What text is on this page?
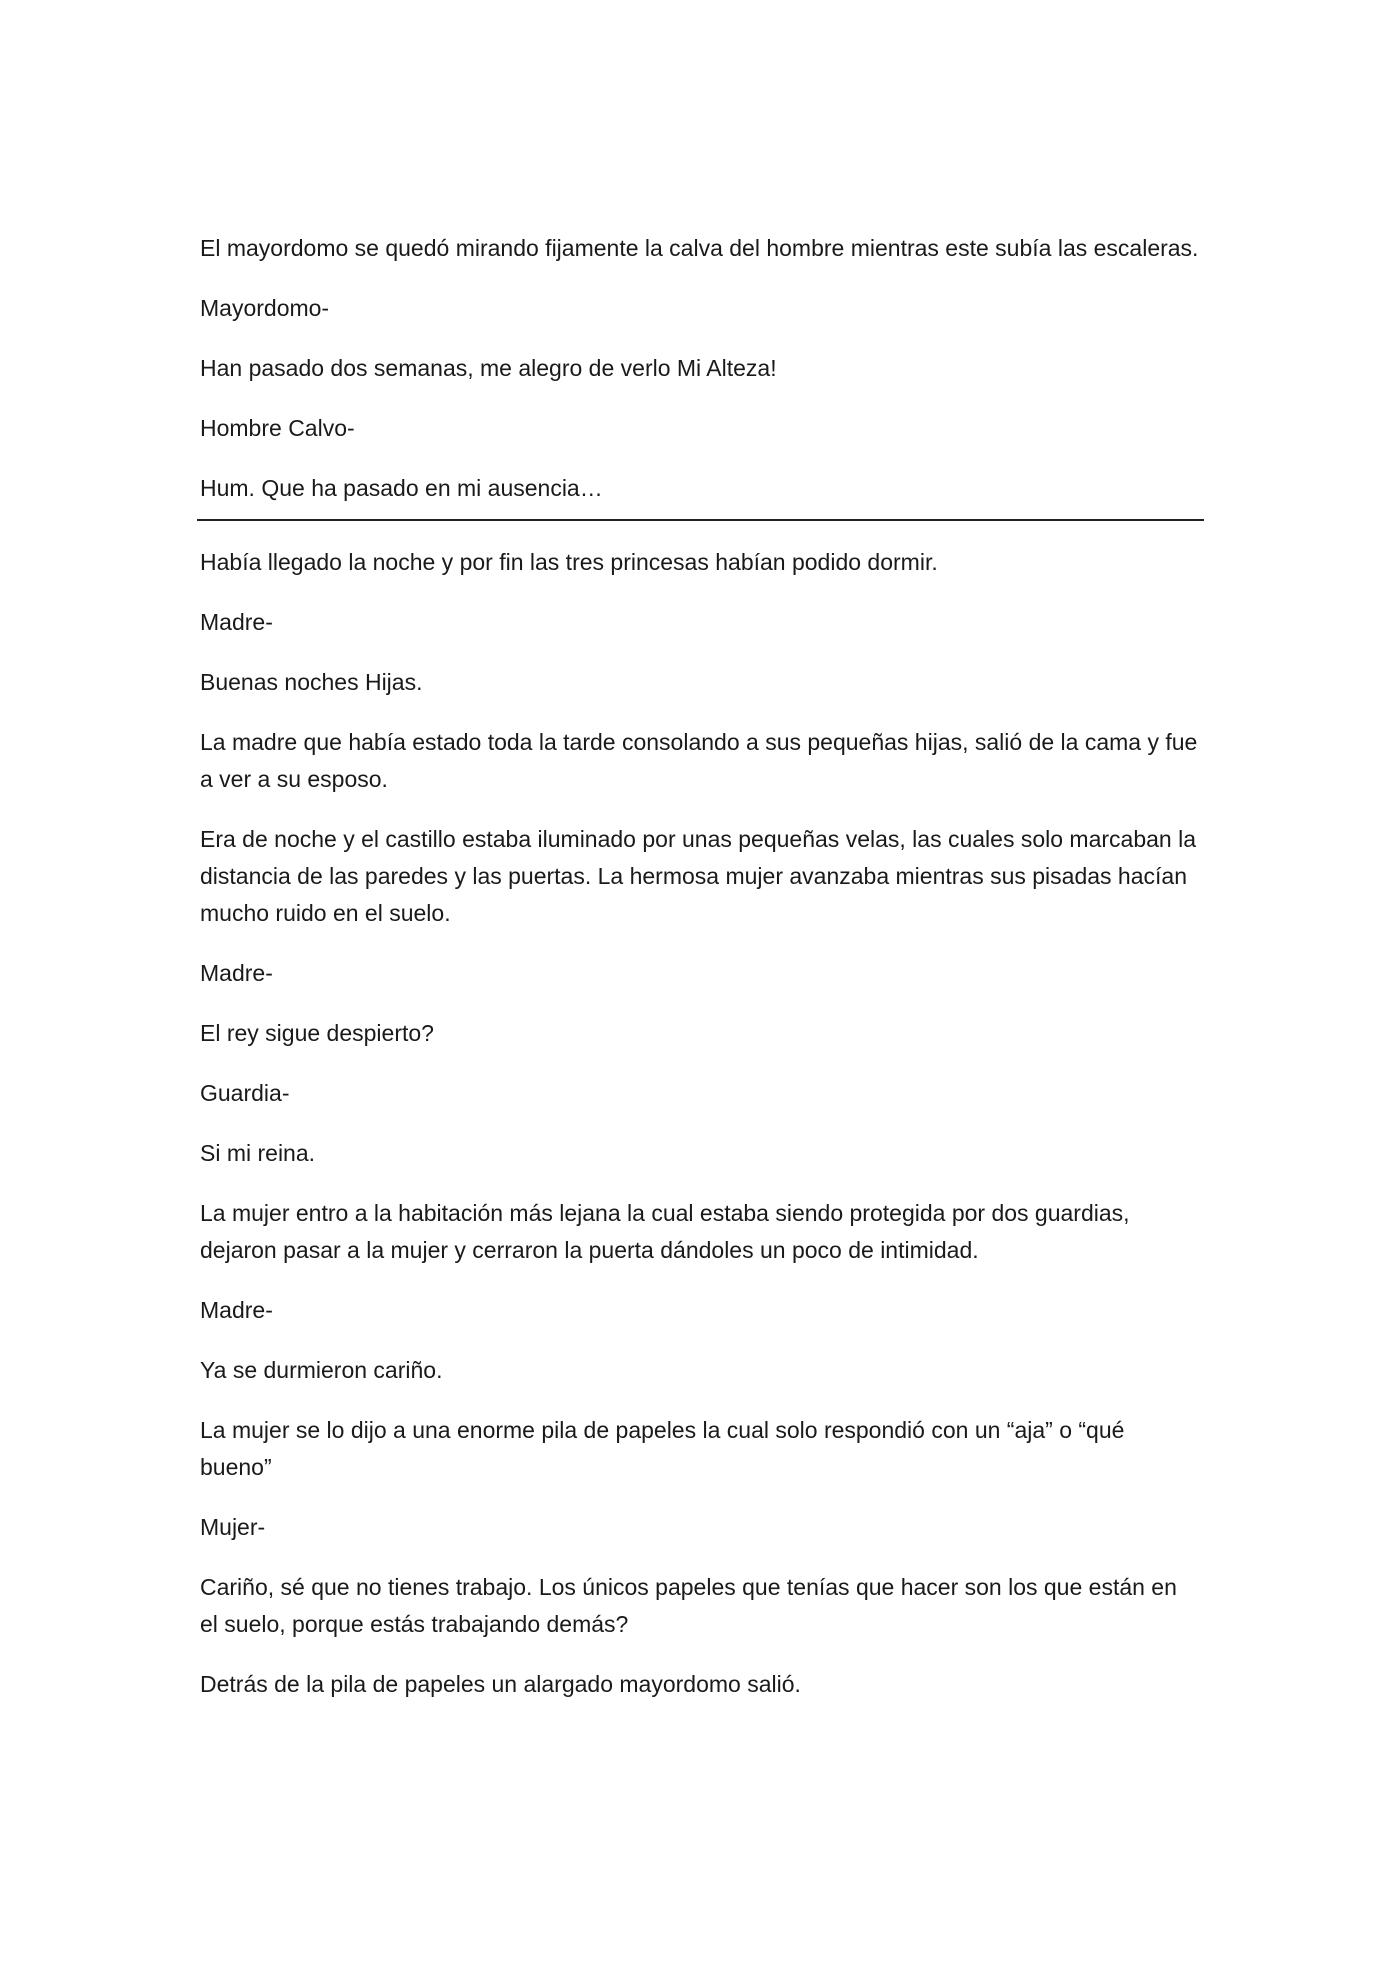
El mayordomo se quedó mirando fijamente la calva del hombre mientras este subía las escaleras.

Mayordomo-

Han pasado dos semanas, me alegro de verlo Mi Alteza!

Hombre Calvo-

Hum. Que ha pasado en mi ausencia…

Había llegado la noche y por fin las tres princesas habían podido dormir.

Madre-

Buenas noches Hijas.

La madre que había estado toda la tarde consolando a sus pequeñas hijas, salió de la cama y fue a ver a su esposo.

Era de noche y el castillo estaba iluminado por unas pequeñas velas, las cuales solo marcaban la distancia de las paredes y las puertas. La hermosa mujer avanzaba mientras sus pisadas hacían mucho ruido en el suelo.

Madre-

El rey sigue despierto?

Guardia-

Si mi reina.

La mujer entro a la habitación más lejana la cual estaba siendo protegida por dos guardias, dejaron pasar a la mujer y cerraron la puerta dándoles un poco de intimidad.

Madre-

Ya se durmieron cariño.

La mujer se lo dijo a una enorme pila de papeles la cual solo respondió con un “aja” o “qué bueno”

Mujer-

Cariño, sé que no tienes trabajo. Los únicos papeles que tenías que hacer son los que están en el suelo, porque estás trabajando demás?

Detrás de la pila de papeles un alargado mayordomo salió.
